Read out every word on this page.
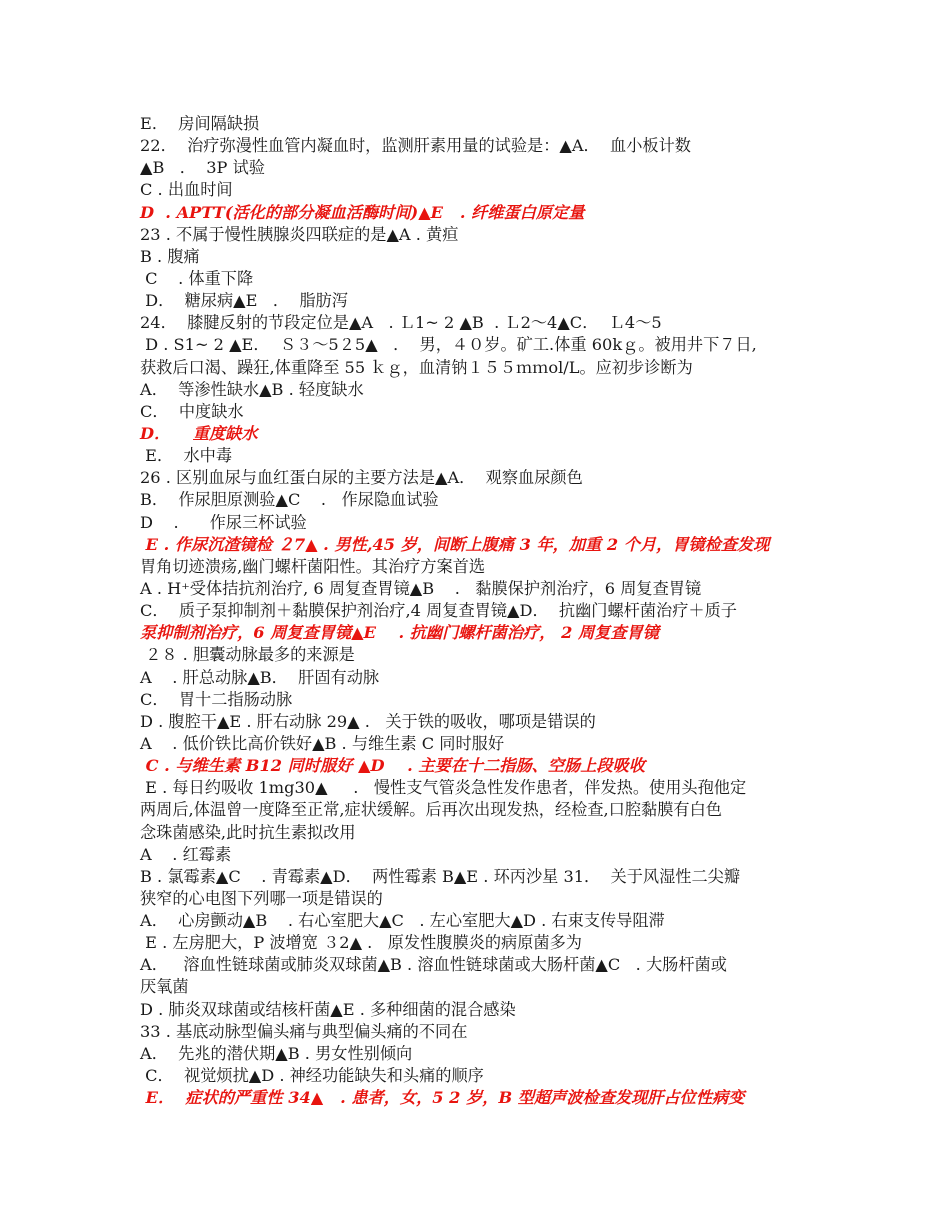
E．  房间隔缺损
22．  治疗弥漫性血管内凝血时，监测肝素用量的试验是：▲A．  血小板计数
▲B   ．  3P 试验
C . 出血时间
D  . APTT(活化的部分凝血活酶时间)▲E   . 纤维蛋白原定量
23 . 不属于慢性胰腺炎四联症的是▲A . 黄疸
B . 腹痛
C    . 体重下降
D．  糖尿病▲E   ．  脂肪泻
24．  膝腱反射的节段定位是▲A   . Ｌ1~ 2 ▲B  . Ｌ2～4▲C．  Ｌ4～5
D . S1~ 2 ▲E．  Ｓ３～5２5▲   ．  男，４０岁。矿工.体重 60kｇ。被用井下７日,
获救后口渴、躁狂,体重降至 55 ｋｇ，血清钠１５５ｍｍol/L。应初步诊断为
A．  等渗性缺水▲B . 轻度缺水
C．  中度缺水
D．    重度缺水
E．  水中毒
26 . 区别血尿与血红蛋白尿的主要方法是▲A．  观察血尿颜色
B．  作尿胆原测验▲C    .   作尿隐血试验
D    .      作尿三杯试验
E . 作尿沉渣镜检 ２7▲ . 男性,45 岁，间断上腹痛 3 年，加重 2 个月，胃镜检查发现
胃角切迹溃疡,幽门螺杆菌阳性。其治疗方案首选
A . H⁺受体拮抗剂治疗, 6 周复查胃镜▲B    .   黏膜保护剂治疗，6 周复查胃镜
C．  质子泵抑制剂＋黏膜保护剂治疗,4 周复查胃镜▲D．  抗幽门螺杆菌治疗＋质子
泵抑制剂治疗，6 周复查胃镜▲E    . 抗幽门螺杆菌治疗， 2 周复查胃镜
２８ . 胆囊动脉最多的来源是
A    . 肝总动脉▲B．  肝固有动脉
C．  胃十二指肠动脉
D . 腹腔干▲E . 肝右动脉 29▲ .   关于铁的吸收，哪项是错误的
A    . 低价铁比高价铁好▲B . 与维生素 C 同时服好
C . 与维生素 B12 同时服好 ▲D    . 主要在十二指肠、空肠上段吸收
E . 每日约吸收 1mg30▲     .   慢性支气管炎急性发作患者，伴发热。使用头孢他定
两周后,体温曾一度降至正常,症状缓解。后再次出现发热，经检查,口腔黏膜有白色
念珠菌感染,此时抗生素拟改用
A    . 红霉素
B . 氯霉素▲C    . 青霉素▲D．  两性霉素 B▲E . 环丙沙星 31．  关于风湿性二尖瓣
狭窄的心电图下列哪一项是错误的
A．  心房颤动▲B    . 右心室肥大▲C   . 左心室肥大▲D . 右束支传导阻滞
E . 左房肥大，P 波增宽 ３2▲ .   原发性腹膜炎的病原菌多为
A．   溶血性链球菌或肺炎双球菌▲B . 溶血性链球菌或大肠杆菌▲C   . 大肠杆菌或
厌氧菌
D . 肺炎双球菌或结核杆菌▲E . 多种细菌的混合感染
33 . 基底动脉型偏头痛与典型偏头痛的不同在
A．  先兆的潜伏期▲B . 男女性别倾向
C．  视觉烦扰▲D . 神经功能缺失和头痛的顺序
E．  症状的严重性 34▲   . 患者，女，5 2 岁，B 型超声波检查发现肝占位性病变
